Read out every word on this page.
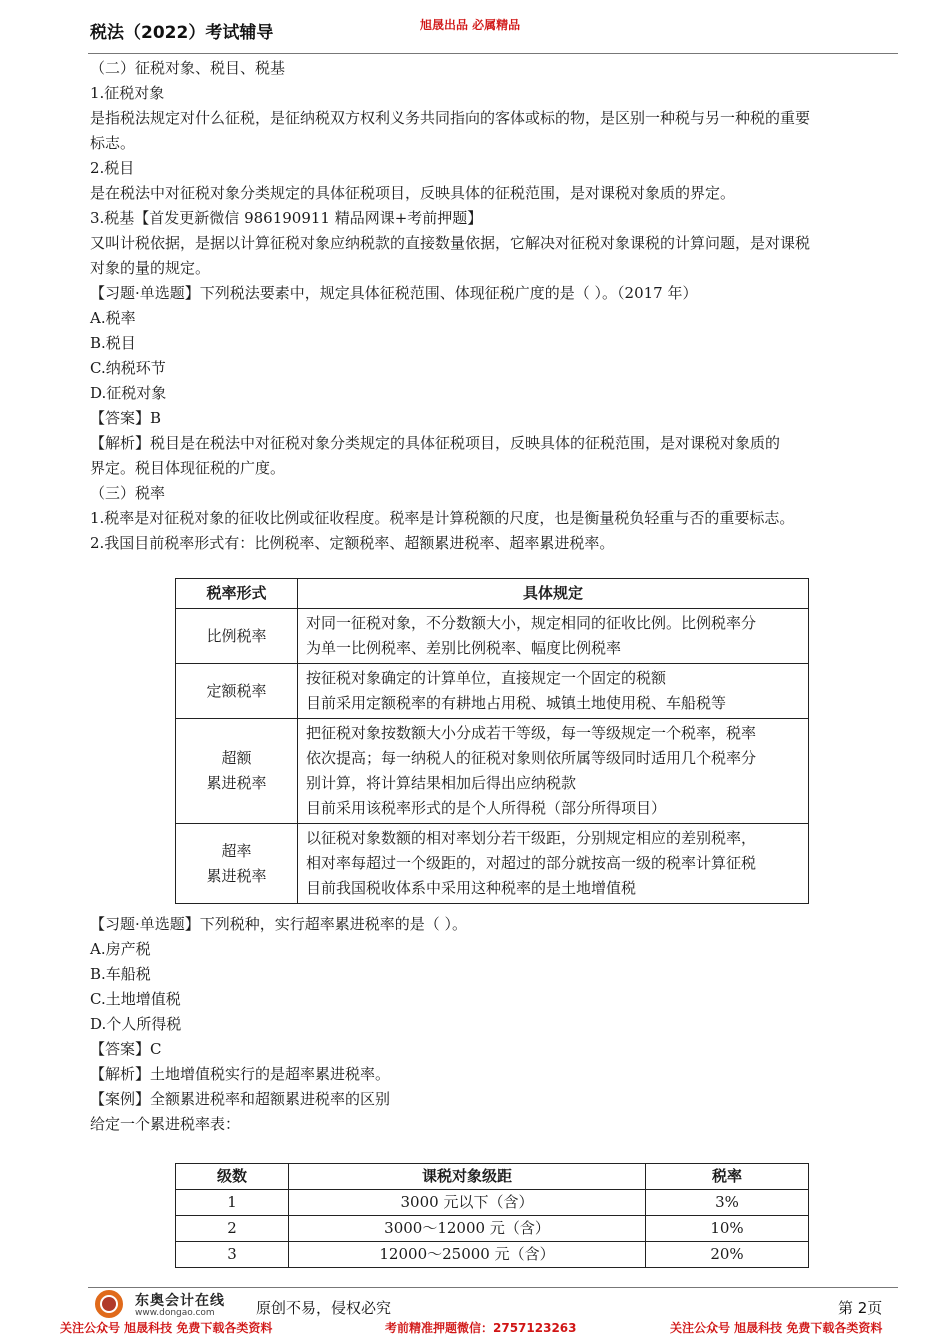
税法（2022）考试辅导	旭晟出品 必属精品
（二）征税对象、税目、税基
1.征税对象
是指税法规定对什么征税，是征纳税双方权利义务共同指向的客体或标的物，是区别一种税与另一种税的重要
标志。
2.税目
是在税法中对征税对象分类规定的具体征税项目，反映具体的征税范围，是对课税对象质的界定。
3.税基【首发更新微信 986190911 精品网课+考前押题】
又叫计税依据，是据以计算征税对象应纳税款的直接数量依据，它解决对征税对象课税的计算问题，是对课税
对象的量的规定。
【习题·单选题】下列税法要素中，规定具体征税范围、体现征税广度的是（ ）。（2017 年）
A.税率
B.税目
C.纳税环节
D.征税对象
【答案】B
【解析】税目是在税法中对征税对象分类规定的具体征税项目，反映具体的征税范围，是对课税对象质的
界定。税目体现征税的广度。
（三）税率
1.税率是对征税对象的征收比例或征收程度。税率是计算税额的尺度，也是衡量税负轻重与否的重要标志。
2.我国目前税率形式有：比例税率、定额税率、超额累进税率、超率累进税率。
税率形式	具体规定

比例税率	对同一征税对象，不分数额大小，规定相同的征收比例。比例税率分
为单一比例税率、差别比例税率、幅度比例税率

定额税率	按征税对象确定的计算单位，直接规定一个固定的税额
目前采用定额税率的有耕地占用税、城镇土地使用税、车船税等

超额
累进税率	把征税对象按数额大小分成若干等级，每一等级规定一个税率，税率
依次提高；每一纳税人的征税对象则依所属等级同时适用几个税率分
别计算，将计算结果相加后得出应纳税款
目前采用该税率形式的是个人所得税（部分所得项目）

超率
累进税率	以征税对象数额的相对率划分若干级距，分别规定相应的差别税率，
相对率每超过一个级距的，对超过的部分就按高一级的税率计算征税
目前我国税收体系中采用这种税率的是土地增值税
【习题·单选题】下列税种，实行超率累进税率的是（ ）。
A.房产税
B.车船税
C.土地增值税
D.个人所得税
【答案】C
【解析】土地增值税实行的是超率累进税率。
【案例】全额累进税率和超额累进税率的区别
给定一个累进税率表：
级数	课税对象级距	税率
1	3000 元以下（含）	3%
2	3000～12000 元（含）	10%
3	12000～25000 元（含）	20%
东奥会计在线
www.dongao.com	原创不易，侵权必究	第 2页
关注公众号 旭晟科技 免费下载各类资料	考前精准押题微信：2757123263	关注公众号 旭晟科技 免费下载各类资料
